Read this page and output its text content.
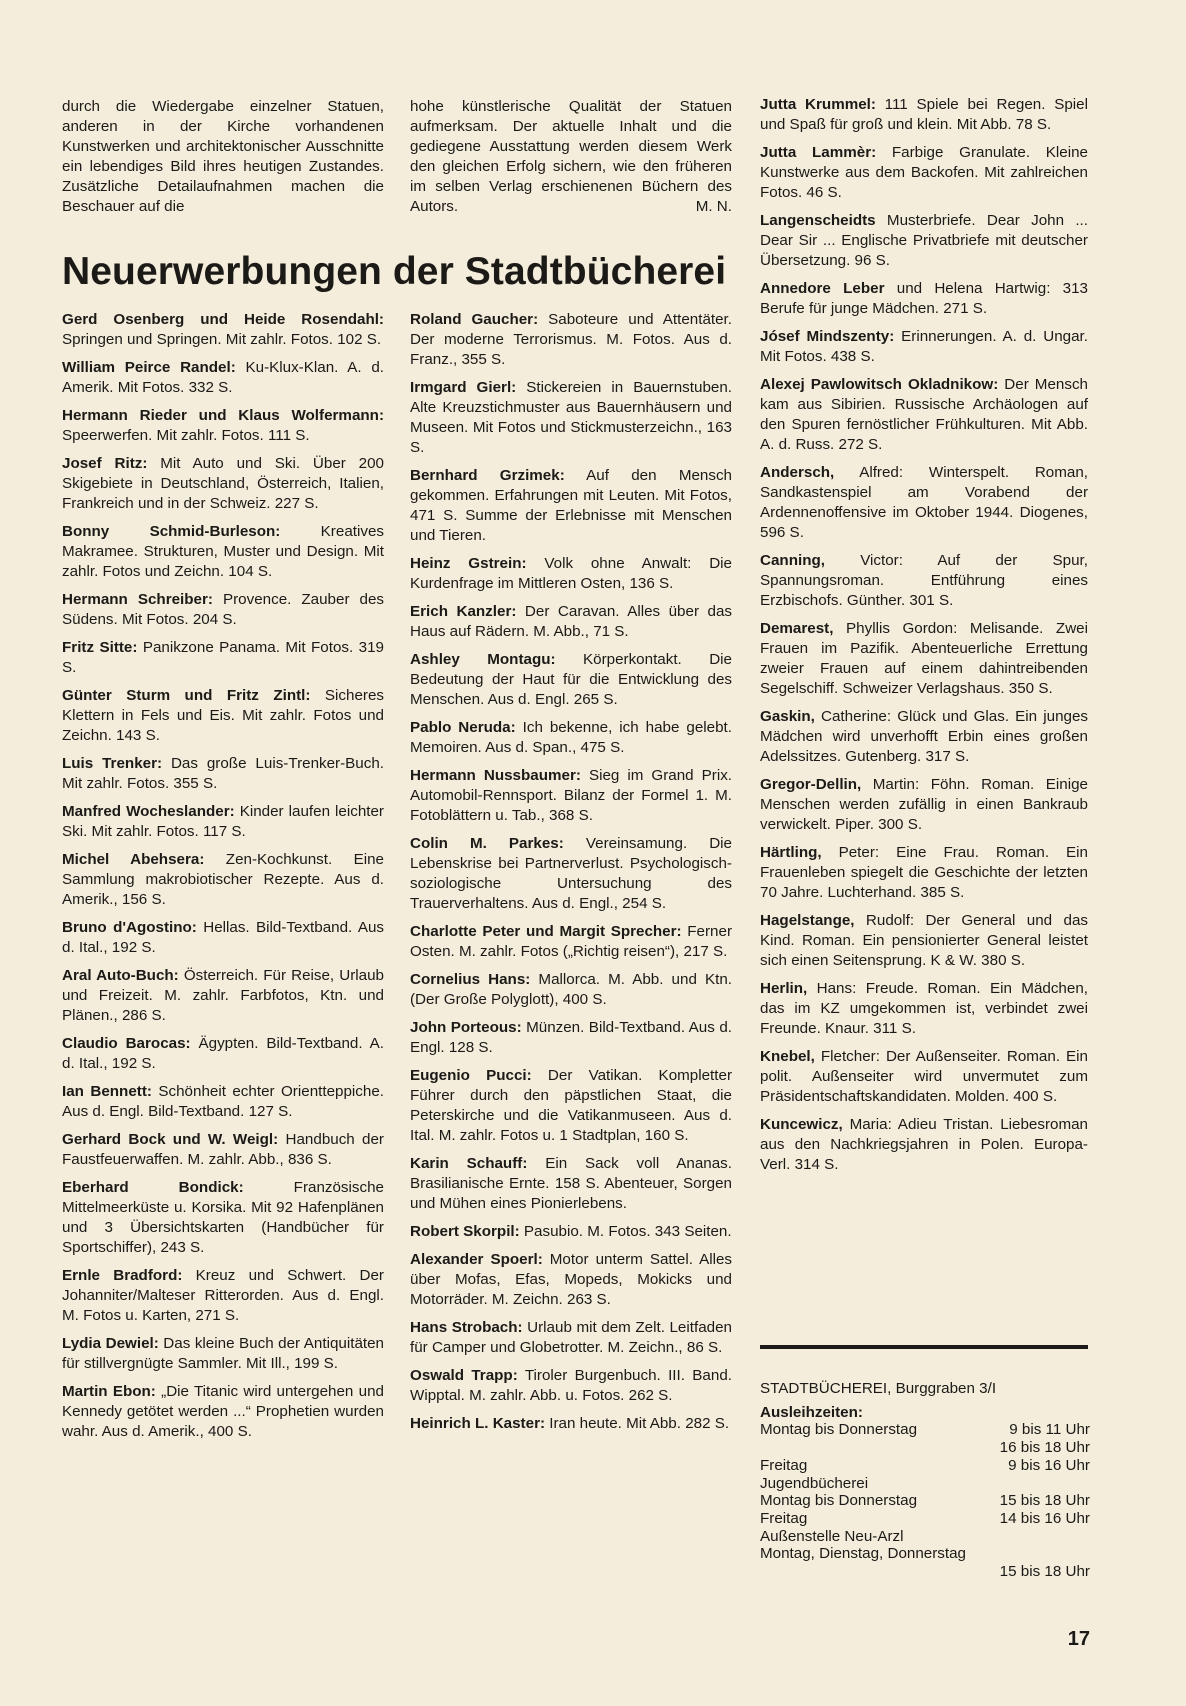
durch die Wiedergabe einzelner Statuen, anderen in der Kirche vorhandenen Kunstwerken und architektonischer Ausschnitte ein lebendiges Bild ihres heutigen Zustandes. Zusätzliche Detailaufnahmen machen die Beschauer auf die

hohe künstlerische Qualität der Statuen aufmerksam. Der aktuelle Inhalt und die gediegene Ausstattung werden diesem Werk den gleichen Erfolg sichern, wie den früheren im selben Verlag erschienenen Büchern des Autors.	M. N.

Neuerwerbungen der Stadtbücherei

Gerd Osenberg und Heide Rosendahl: Springen und Springen. Mit zahlr. Fotos. 102 S.

William Peirce Randel: Ku-Klux-Klan. A. d. Amerik. Mit Fotos. 332 S.

Hermann Rieder und Klaus Wolfermann: Speerwerfen. Mit zahlr. Fotos. 111 S.

Josef Ritz: Mit Auto und Ski. Über 200 Skigebiete in Deutschland, Österreich, Italien, Frankreich und in der Schweiz. 227 S.

Bonny Schmid-Burleson: Kreatives Makramee. Strukturen, Muster und Design. Mit zahlr. Fotos und Zeichn. 104 S.

Hermann Schreiber: Provence. Zauber des Südens. Mit Fotos. 204 S.

Fritz Sitte: Panikzone Panama. Mit Fotos. 319 S.

Günter Sturm und Fritz Zintl: Sicheres Klettern in Fels und Eis. Mit zahlr. Fotos und Zeichn. 143 S.

Luis Trenker: Das große Luis-Trenker-Buch. Mit zahlr. Fotos. 355 S.

Manfred Wocheslander: Kinder laufen leichter Ski. Mit zahlr. Fotos. 117 S.

Michel Abehsera: Zen-Kochkunst. Eine Sammlung makrobiotischer Rezepte. Aus d. Amerik., 156 S.

Bruno d'Agostino: Hellas. Bild-Textband. Aus d. Ital., 192 S.

Aral Auto-Buch: Österreich. Für Reise, Urlaub und Freizeit. M. zahlr. Farbfotos, Ktn. und Plänen., 286 S.

Claudio Barocas: Ägypten. Bild-Textband. A. d. Ital., 192 S.

Ian Bennett: Schönheit echter Orientteppiche. Aus d. Engl. Bild-Textband. 127 S.

Gerhard Bock und W. Weigl: Handbuch der Faustfeuerwaffen. M. zahlr. Abb., 836 S.

Eberhard Bondick: Französische Mittelmeerküste u. Korsika. Mit 92 Hafenplänen und 3 Übersichtskarten (Handbücher für Sportschiffer), 243 S.

Ernle Bradford: Kreuz und Schwert. Der Johanniter/Malteser Ritterorden. Aus d. Engl. M. Fotos u. Karten, 271 S.

Lydia Dewiel: Das kleine Buch der Antiquitäten für stillvergnügte Sammler. Mit Ill., 199 S.

Martin Ebon: „Die Titanic wird untergehen und Kennedy getötet werden ...“ Prophetien wurden wahr. Aus d. Amerik., 400 S.

Roland Gaucher: Saboteure und Attentäter. Der moderne Terrorismus. M. Fotos. Aus d. Franz., 355 S.

Irmgard Gierl: Stickereien in Bauernstuben. Alte Kreuzstichmuster aus Bauernhäusern und Museen. Mit Fotos und Stickmusterzeichn., 163 S.

Bernhard Grzimek: Auf den Mensch gekommen. Erfahrungen mit Leuten. Mit Fotos, 471 S. Summe der Erlebnisse mit Menschen und Tieren.

Heinz Gstrein: Volk ohne Anwalt: Die Kurdenfrage im Mittleren Osten, 136 S.

Erich Kanzler: Der Caravan. Alles über das Haus auf Rädern. M. Abb., 71 S.

Ashley Montagu: Körperkontakt. Die Bedeutung der Haut für die Entwicklung des Menschen. Aus d. Engl. 265 S.

Pablo Neruda: Ich bekenne, ich habe gelebt. Memoiren. Aus d. Span., 475 S.

Hermann Nussbaumer: Sieg im Grand Prix. Automobil-Rennsport. Bilanz der Formel 1. M. Fotoblättern u. Tab., 368 S.

Colin M. Parkes: Vereinsamung. Die Lebenskrise bei Partnerverlust. Psychologisch-soziologische Untersuchung des Trauerverhaltens. Aus d. Engl., 254 S.

Charlotte Peter und Margit Sprecher: Ferner Osten. M. zahlr. Fotos („Richtig reisen“), 217 S.

Cornelius Hans: Mallorca. M. Abb. und Ktn. (Der Große Polyglott), 400 S.

John Porteous: Münzen. Bild-Textband. Aus d. Engl. 128 S.

Eugenio Pucci: Der Vatikan. Kompletter Führer durch den päpstlichen Staat, die Peterskirche und die Vatikanmuseen. Aus d. Ital. M. zahlr. Fotos u. 1 Stadtplan, 160 S.

Karin Schauff: Ein Sack voll Ananas. Brasilianische Ernte. 158 S. Abenteuer, Sorgen und Mühen eines Pionierlebens.

Robert Skorpil: Pasubio. M. Fotos. 343 Seiten.

Alexander Spoerl: Motor unterm Sattel. Alles über Mofas, Efas, Mopeds, Mokicks und Motorräder. M. Zeichn. 263 S.

Hans Strobach: Urlaub mit dem Zelt. Leitfaden für Camper und Globetrotter. M. Zeichn., 86 S.

Oswald Trapp: Tiroler Burgenbuch. III. Band. Wipptal. M. zahlr. Abb. u. Fotos. 262 S.

Heinrich L. Kaster: Iran heute. Mit Abb. 282 S.

Jutta Krummel: 111 Spiele bei Regen. Spiel und Spaß für groß und klein. Mit Abb. 78 S.

Jutta Lammèr: Farbige Granulate. Kleine Kunstwerke aus dem Backofen. Mit zahlreichen Fotos. 46 S.

Langenscheidts Musterbriefe. Dear John ... Dear Sir ... Englische Privatbriefe mit deutscher Übersetzung. 96 S.

Annedore Leber und Helena Hartwig: 313 Berufe für junge Mädchen. 271 S.

Jósef Mindszenty: Erinnerungen. A. d. Ungar. Mit Fotos. 438 S.

Alexej Pawlowitsch Okladnikow: Der Mensch kam aus Sibirien. Russische Archäologen auf den Spuren fernöstlicher Frühkulturen. Mit Abb. A. d. Russ. 272 S.

Andersch, Alfred: Winterspelt. Roman, Sandkastenspiel am Vorabend der Ardennenoffensive im Oktober 1944. Diogenes, 596 S.

Canning, Victor: Auf der Spur, Spannungsroman. Entführung eines Erzbischofs. Günther. 301 S.

Demarest, Phyllis Gordon: Melisande. Zwei Frauen im Pazifik. Abenteuerliche Errettung zweier Frauen auf einem dahintreibenden Segelschiff. Schweizer Verlagshaus. 350 S.

Gaskin, Catherine: Glück und Glas. Ein junges Mädchen wird unverhofft Erbin eines großen Adelssitzes. Gutenberg. 317 S.

Gregor-Dellin, Martin: Föhn. Roman. Einige Menschen werden zufällig in einen Bankraub verwickelt. Piper. 300 S.

Härtling, Peter: Eine Frau. Roman. Ein Frauenleben spiegelt die Geschichte der letzten 70 Jahre. Luchterhand. 385 S.

Hagelstange, Rudolf: Der General und das Kind. Roman. Ein pensionierter General leistet sich einen Seitensprung. K & W. 380 S.

Herlin, Hans: Freude. Roman. Ein Mädchen, das im KZ umgekommen ist, verbindet zwei Freunde. Knaur. 311 S.

Knebel, Fletcher: Der Außenseiter. Roman. Ein polit. Außenseiter wird unvermutet zum Präsidentschaftskandidaten. Molden. 400 S.

Kuncewicz, Maria: Adieu Tristan. Liebesroman aus den Nachkriegsjahren in Polen. Europa-Verl. 314 S.

STADTBÜCHEREI, Burggraben 3/I
Ausleihzeiten:
Montag bis Donnerstag	9 bis 11 Uhr
16 bis 18 Uhr
Freitag	9 bis 16 Uhr
Jugendbücherei
Montag bis Donnerstag	15 bis 18 Uhr
Freitag	14 bis 16 Uhr
Außenstelle Neu-Arzl
Montag, Dienstag, Donnerstag
15 bis 18 Uhr
17
